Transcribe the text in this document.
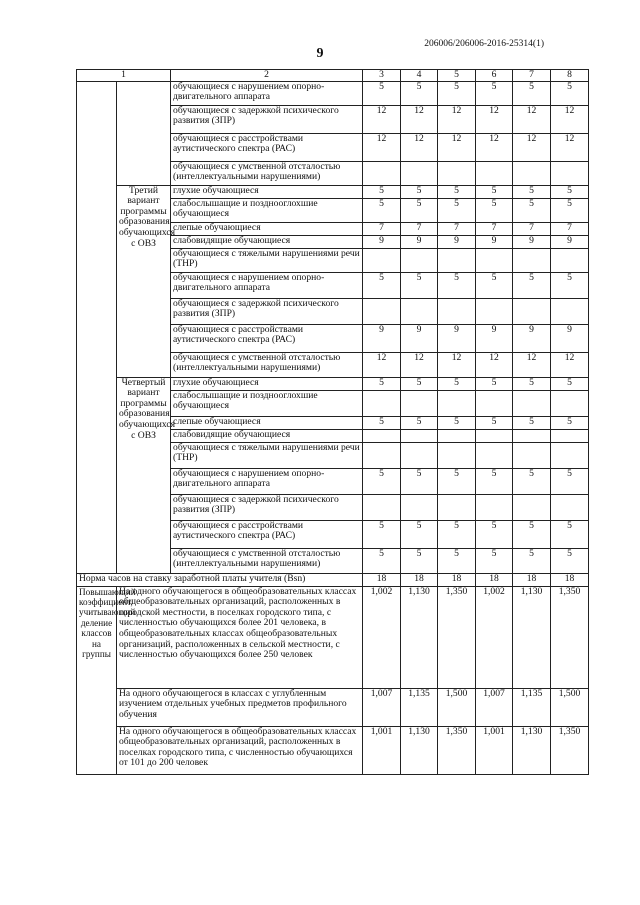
206006/206006-2016-25314(1)
9
1		2	3	4	5	6	7	8
		обучающиеся с нарушением опорно-двигательного аппарата	5	5	5	5	5	5
		обучающиеся с задержкой психического развития (ЗПР)	12	12	12	12	12	12
		обучающиеся с расстройствами аутистического спектра (РАС)	12	12	12	12	12	12
		обучающиеся с умственной отсталостью (интеллектуальными нарушениями)						
	Третий вариант программы образования обучающихся с ОВЗ	глухие обучающиеся	5	5	5	5	5	5
		слабослышащие и позднооглохшие обучающиеся	5	5	5	5	5	5
		слепые обучающиеся	7	7	7	7	7	7
		слабовидящие обучающиеся	9	9	9	9	9	9
		обучающиеся с тяжелыми нарушениями речи (ТНР)						
		обучающиеся с нарушением опорно-двигательного аппарата	5	5	5	5	5	5
		обучающиеся с задержкой психического развития (ЗПР)						
		обучающиеся с расстройствами аутистического спектра (РАС)	9	9	9	9	9	9
		обучающиеся с умственной отсталостью (интеллектуальными нарушениями)	12	12	12	12	12	12
	Четвертый вариант программы образования обучающихся с ОВЗ	глухие обучающиеся	5	5	5	5	5	5
		слабослышащие и позднооглохшие обучающиеся						
		слепые обучающиеся	5	5	5	5	5	5
		слабовидящие обучающиеся						
		обучающиеся с тяжелыми нарушениями речи (ТНР)						
		обучающиеся с нарушением опорно-двигательного аппарата	5	5	5	5	5	5
		обучающиеся с задержкой психического развития (ЗПР)						
		обучающиеся с расстройствами аутистического спектра (РАС)	5	5	5	5	5	5
		обучающиеся с умственной отсталостью (интеллектуальными нарушениями)	5	5	5	5	5	5
Норма часов на ставку заработной платы учителя (Bsn)			18	18	18	18	18	18
Повышающий коэффициент, учитывающий деление классов на группы	На одного обучающегося в общеобразовательных классах общеобразовательных организаций, расположенных в городской местности, в поселках городского типа, с численностью обучающихся более 201 человека, в общеобразовательных классах общеобразовательных организаций, расположенных в сельской местности, с численностью обучающихся более 250 человек		1,002	1,130	1,350	1,002	1,130	1,350
	На одного обучающегося в классах с углубленным изучением отдельных учебных предметов профильного обучения		1,007	1,135	1,500	1,007	1,135	1,500
	На одного обучающегося в общеобразовательных классах общеобразовательных организаций, расположенных в поселках городского типа, с численностью обучающихся от 101 до 200 человек		1,001	1,130	1,350	1,001	1,130	1,350
